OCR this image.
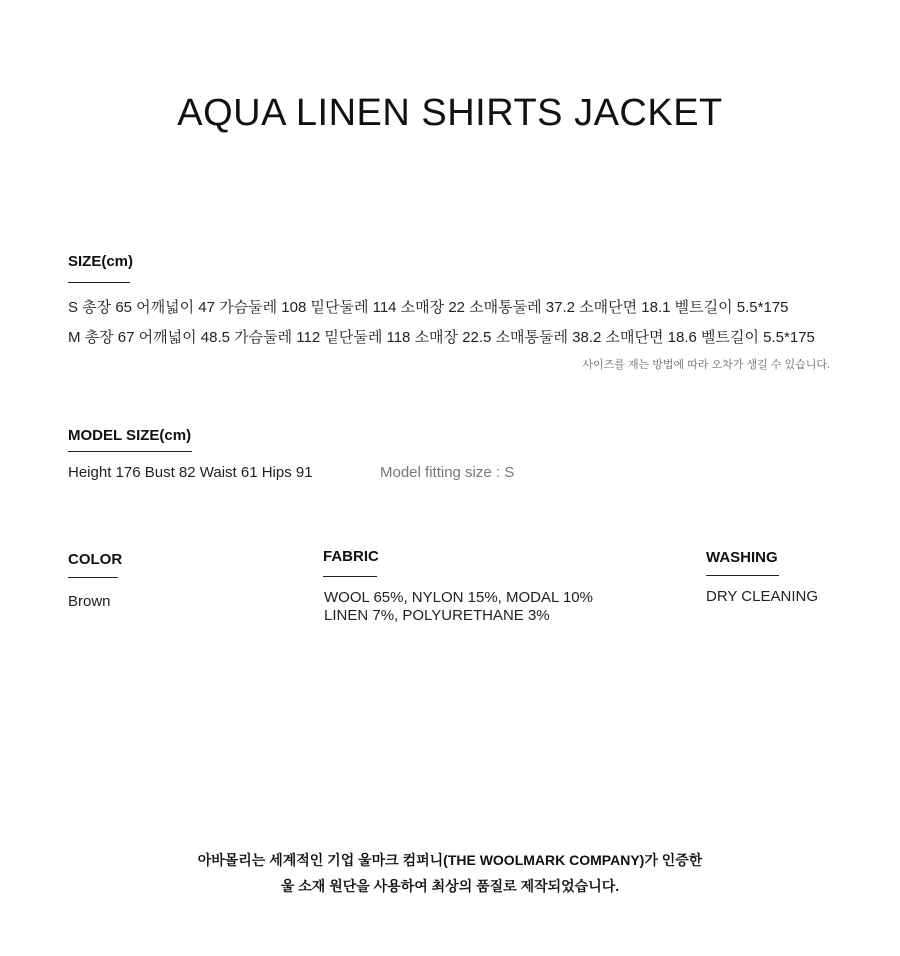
AQUA LINEN SHIRTS JACKET
SIZE(cm)
S 총장 65 어깨넓이 47 가슴둘레 108 밑단둘레 114 소매장 22 소매통둘레 37.2 소매단면 18.1 벨트길이 5.5*175
M 총장 67 어깨넓이 48.5 가슴둘레 112 밑단둘레 118 소매장 22.5 소매통둘레 38.2 소매단면 18.6 벨트길이 5.5*175
사이즈를 재는 방법에 따라 오차가 생길 수 있습니다.
MODEL SIZE(cm)
Height 176 Bust 82 Waist 61 Hips 91	Model fitting size : S
COLOR
Brown
FABRIC
WOOL 65%, NYLON 15%, MODAL 10%
LINEN 7%, POLYURETHANE 3%
WASHING
DRY CLEANING
아바몰리는 세계적인 기업 울마크 컴퍼니(THE WOOLMARK COMPANY)가 인증한
울 소재 원단을 사용하여 최상의 품질로 제작되었습니다.
